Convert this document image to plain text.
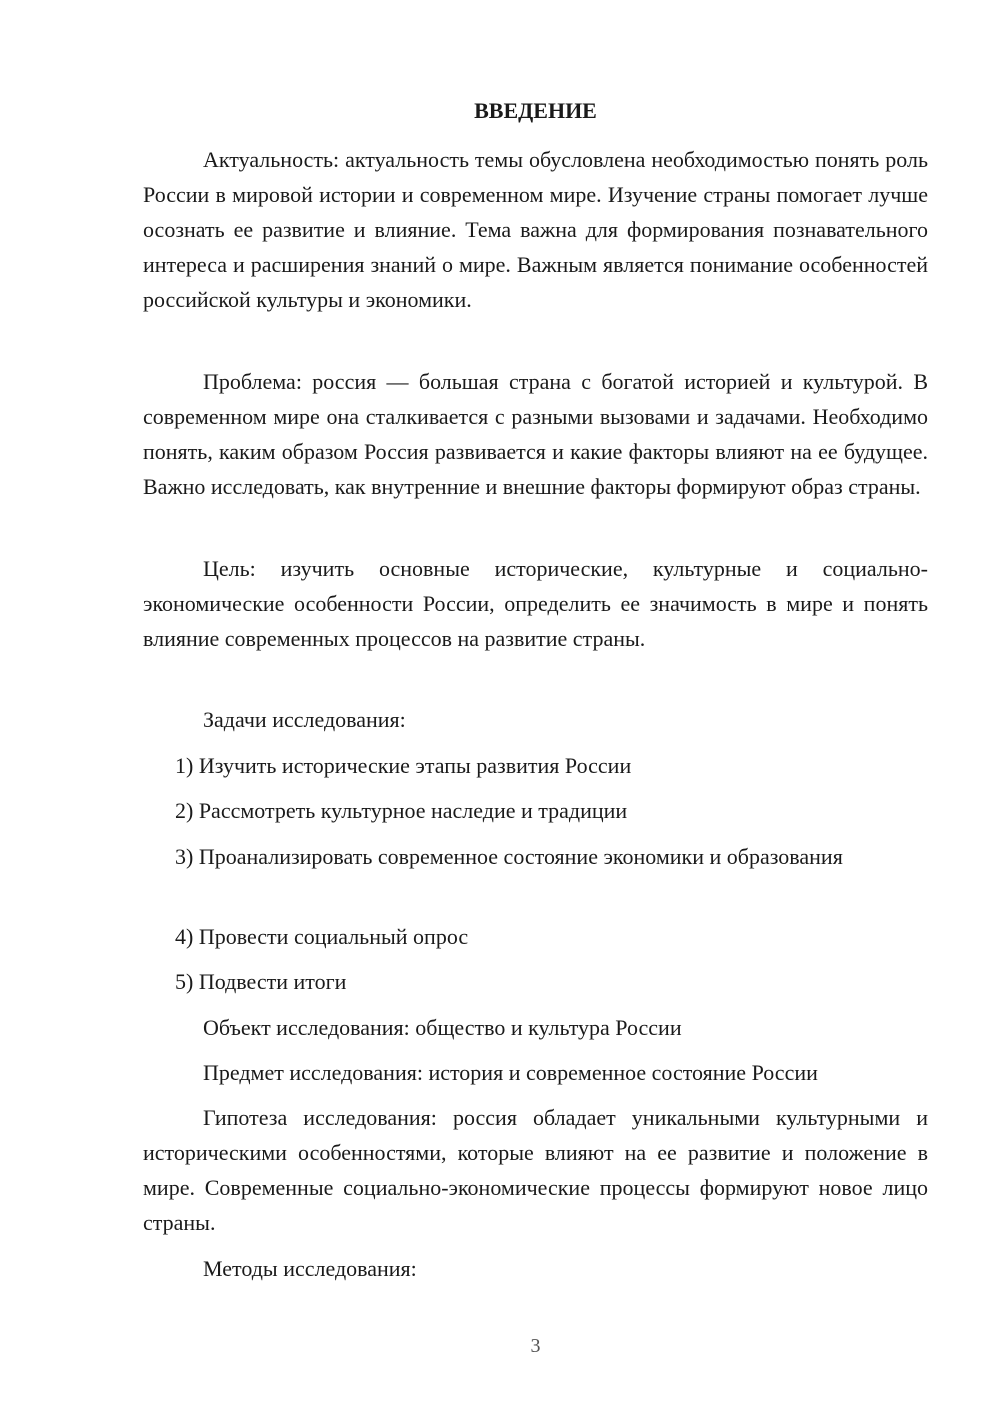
ВВЕДЕНИЕ

Актуальность: актуальность темы обусловлена необходимостью понять роль России в мировой истории и современном мире. Изучение страны помогает лучше осознать ее развитие и влияние. Тема важна для формирования познавательного интереса и расширения знаний о мире. Важным является понимание особенностей российской культуры и экономики.

Проблема: россия — большая страна с богатой историей и культурой. В современном мире она сталкивается с разными вызовами и задачами. Необходимо понять, каким образом Россия развивается и какие факторы влияют на ее будущее. Важно исследовать, как внутренние и внешние факторы формируют образ страны.

Цель: изучить основные исторические, культурные и социально-экономические особенности России, определить ее значимость в мире и понять влияние современных процессов на развитие страны.

Задачи исследования:

1) Изучить исторические этапы развития России

2) Рассмотреть культурное наследие и традиции

3) Проанализировать современное состояние экономики и образования

4) Провести социальный опрос

5) Подвести итоги

Объект исследования: общество и культура России

Предмет исследования: история и современное состояние России

Гипотеза исследования: россия обладает уникальными культурными и историческими особенностями, которые влияют на ее развитие и положение в мире. Современные социально-экономические процессы формируют новое лицо страны.

Методы исследования:

3
